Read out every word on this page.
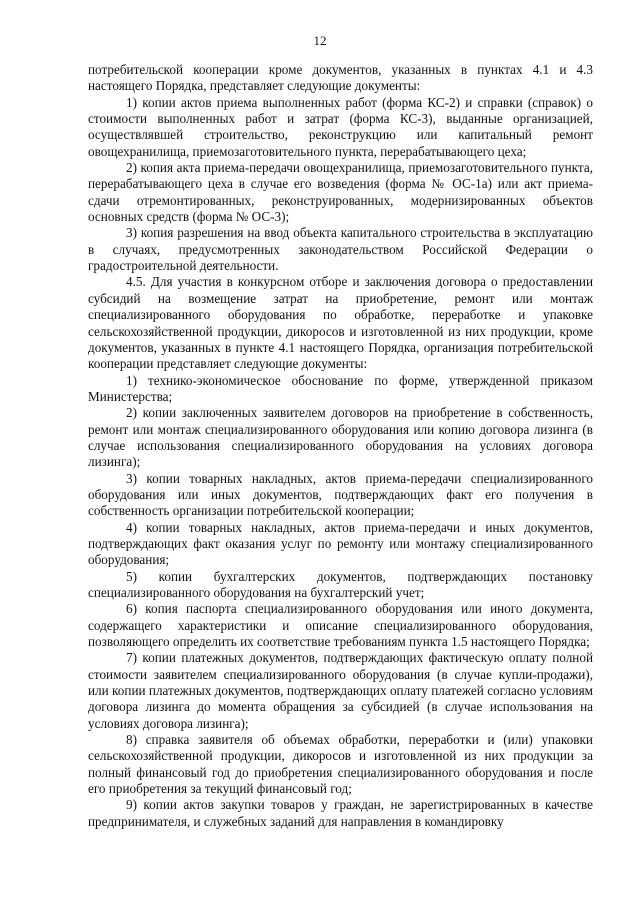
12

потребительской кооперации кроме документов, указанных в пунктах 4.1 и 4.3 настоящего Порядка, представляет следующие документы:

1) копии актов приема выполненных работ (форма КС-2) и справки (справок) о стоимости выполненных работ и затрат (форма КС-3), выданные организацией, осуществлявшей строительство, реконструкцию или капитальный ремонт овощехранилища, приемозаготовительного пункта, перерабатывающего цеха;

2) копия акта приема-передачи овощехранилища, приемозаготовительного пункта, перерабатывающего цеха в случае его возведения (форма № ОС-1а) или акт приема-сдачи отремонтированных, реконструированных, модернизированных объектов основных средств (форма № ОС-3);

3) копия разрешения на ввод объекта капитального строительства в эксплуатацию в случаях, предусмотренных законодательством Российской Федерации о градостроительной деятельности.

4.5. Для участия в конкурсном отборе и заключения договора о предоставлении субсидий на возмещение затрат на приобретение, ремонт или монтаж специализированного оборудования по обработке, переработке и упаковке сельскохозяйственной продукции, дикоросов и изготовленной из них продукции, кроме документов, указанных в пункте 4.1 настоящего Порядка, организация потребительской кооперации представляет следующие документы:

1) технико-экономическое обоснование по форме, утвержденной приказом Министерства;

2) копии заключенных заявителем договоров на приобретение в собственность, ремонт или монтаж специализированного оборудования или копию договора лизинга (в случае использования специализированного оборудования на условиях договора лизинга);

3) копии товарных накладных, актов приема-передачи специализированного оборудования или иных документов, подтверждающих факт его получения в собственность организации потребительской кооперации;

4) копии товарных накладных, актов приема-передачи и иных документов, подтверждающих факт оказания услуг по ремонту или монтажу специализированного оборудования;

5) копии бухгалтерских документов, подтверждающих постановку специализированного оборудования на бухгалтерский учет;

6) копия паспорта специализированного оборудования или иного документа, содержащего характеристики и описание специализированного оборудования, позволяющего определить их соответствие требованиям пункта 1.5 настоящего Порядка;

7) копии платежных документов, подтверждающих фактическую оплату полной стоимости заявителем специализированного оборудования (в случае купли-продажи), или копии платежных документов, подтверждающих оплату платежей согласно условиям договора лизинга до момента обращения за субсидией (в случае использования на условиях договора лизинга);

8) справка заявителя об объемах обработки, переработки и (или) упаковки сельскохозяйственной продукции, дикоросов и изготовленной из них продукции за полный финансовый год до приобретения специализированного оборудования и после его приобретения за текущий финансовый год;

9) копии актов закупки товаров у граждан, не зарегистрированных в качестве предпринимателя, и служебных заданий для направления в командировку
